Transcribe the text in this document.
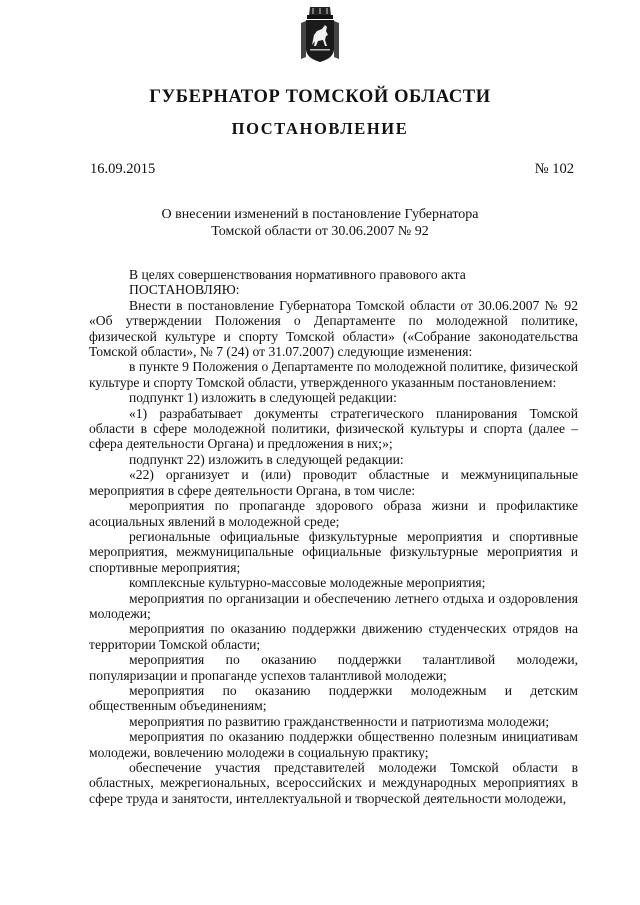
ГУБЕРНАТОР ТОМСКОЙ ОБЛАСТИ
ПОСТАНОВЛЕНИЕ
16.09.2015	№ 102
О внесении изменений в постановление Губернатора
Томской области от 30.06.2007 № 92

В целях совершенствования нормативного правового акта

ПОСТАНОВЛЯЮ:

Внести в постановление Губернатора Томской области от 30.06.2007 № 92 «Об утверждении Положения о Департаменте по молодежной политике, физической культуре и спорту Томской области» («Собрание законодательства Томской области», № 7 (24) от 31.07.2007) следующие изменения:

в пункте 9 Положения о Департаменте по молодежной политике, физической культуре и спорту Томской области, утвержденного указанным постановлением:

подпункт 1) изложить в следующей редакции:

«1) разрабатывает документы стратегического планирования Томской области в сфере молодежной политики, физической культуры и спорта (далее – сфера деятельности Органа) и предложения в них;»;

подпункт 22) изложить в следующей редакции:

«22) организует и (или) проводит областные и межмуниципальные мероприятия в сфере деятельности Органа, в том числе:

мероприятия по пропаганде здорового образа жизни и профилактике асоциальных явлений в молодежной среде;

региональные официальные физкультурные мероприятия и спортивные мероприятия, межмуниципальные официальные физкультурные мероприятия и спортивные мероприятия;

комплексные культурно-массовые молодежные мероприятия;

мероприятия по организации и обеспечению летнего отдыха и оздоровления молодежи;

мероприятия по оказанию поддержки движению студенческих отрядов на территории Томской области;

мероприятия по оказанию поддержки талантливой молодежи, популяризации и пропаганде успехов талантливой молодежи;

мероприятия по оказанию поддержки молодежным и детским общественным объединениям;

мероприятия по развитию гражданственности и патриотизма молодежи;

мероприятия по оказанию поддержки общественно полезным инициативам молодежи, вовлечению молодежи в социальную практику;

обеспечение участия представителей молодежи Томской области в областных, межрегиональных, всероссийских и международных мероприятиях в сфере труда и занятости, интеллектуальной и творческой деятельности молодежи,
